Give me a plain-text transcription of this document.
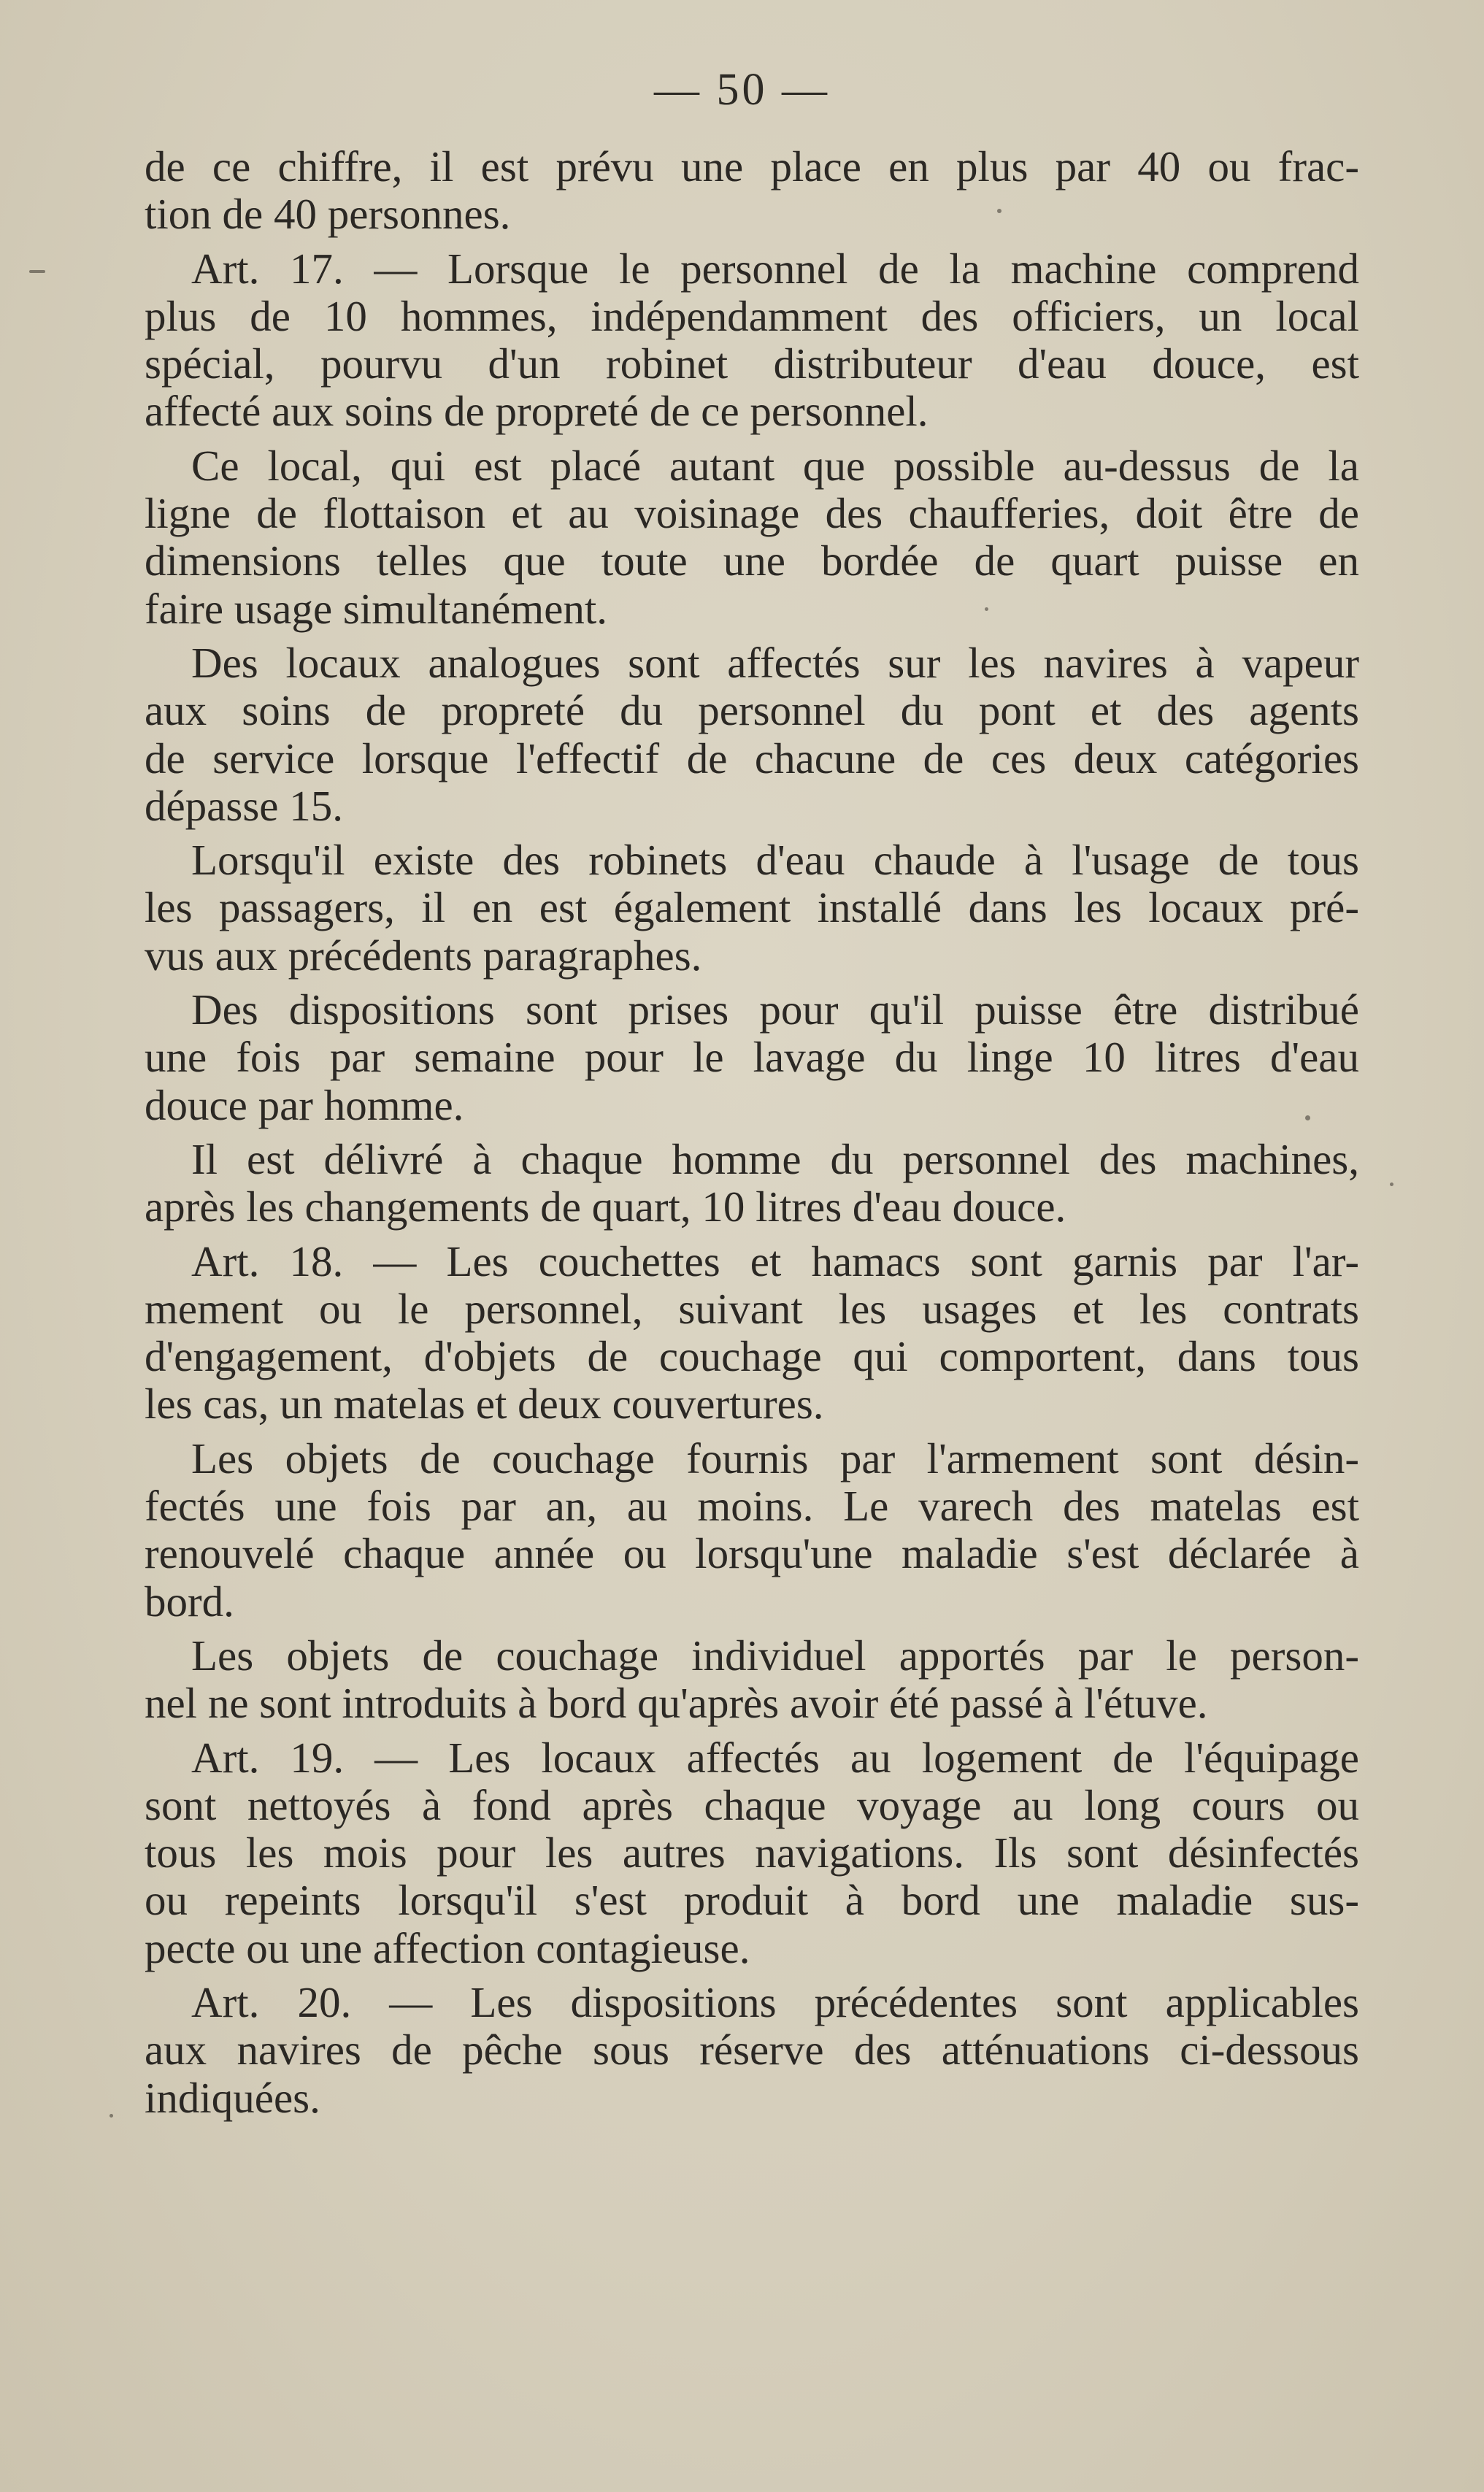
— 50 —
de ce chiffre, il est prévu une place en plus par 40 ou frac-
tion de 40 personnes.
Art. 17. — Lorsque le personnel de la machine comprend
plus de 10 hommes, indépendamment des officiers, un local
spécial, pourvu d'un robinet distributeur d'eau douce, est
affecté aux soins de propreté de ce personnel.
Ce local, qui est placé autant que possible au-dessus de la
ligne de flottaison et au voisinage des chaufferies, doit être de
dimensions telles que toute une bordée de quart puisse en
faire usage simultanément.
Des locaux analogues sont affectés sur les navires à vapeur
aux soins de propreté du personnel du pont et des agents
de service lorsque l'effectif de chacune de ces deux catégories
dépasse 15.
Lorsqu'il existe des robinets d'eau chaude à l'usage de tous
les passagers, il en est également installé dans les locaux pré-
vus aux précédents paragraphes.
Des dispositions sont prises pour qu'il puisse être distribué
une fois par semaine pour le lavage du linge 10 litres d'eau
douce par homme.
Il est délivré à chaque homme du personnel des machines,
après les changements de quart, 10 litres d'eau douce.
Art. 18. — Les couchettes et hamacs sont garnis par l'ar-
mement ou le personnel, suivant les usages et les contrats
d'engagement, d'objets de couchage qui comportent, dans tous
les cas, un matelas et deux couvertures.
Les objets de couchage fournis par l'armement sont désin-
fectés une fois par an, au moins. Le varech des matelas est
renouvelé chaque année ou lorsqu'une maladie s'est déclarée à
bord.
Les objets de couchage individuel apportés par le person-
nel ne sont introduits à bord qu'après avoir été passé à l'étuve.
Art. 19. — Les locaux affectés au logement de l'équipage
sont nettoyés à fond après chaque voyage au long cours ou
tous les mois pour les autres navigations. Ils sont désinfectés
ou repeints lorsqu'il s'est produit à bord une maladie sus-
pecte ou une affection contagieuse.
Art. 20. — Les dispositions précédentes sont applicables
aux navires de pêche sous réserve des atténuations ci-dessous
indiquées.
